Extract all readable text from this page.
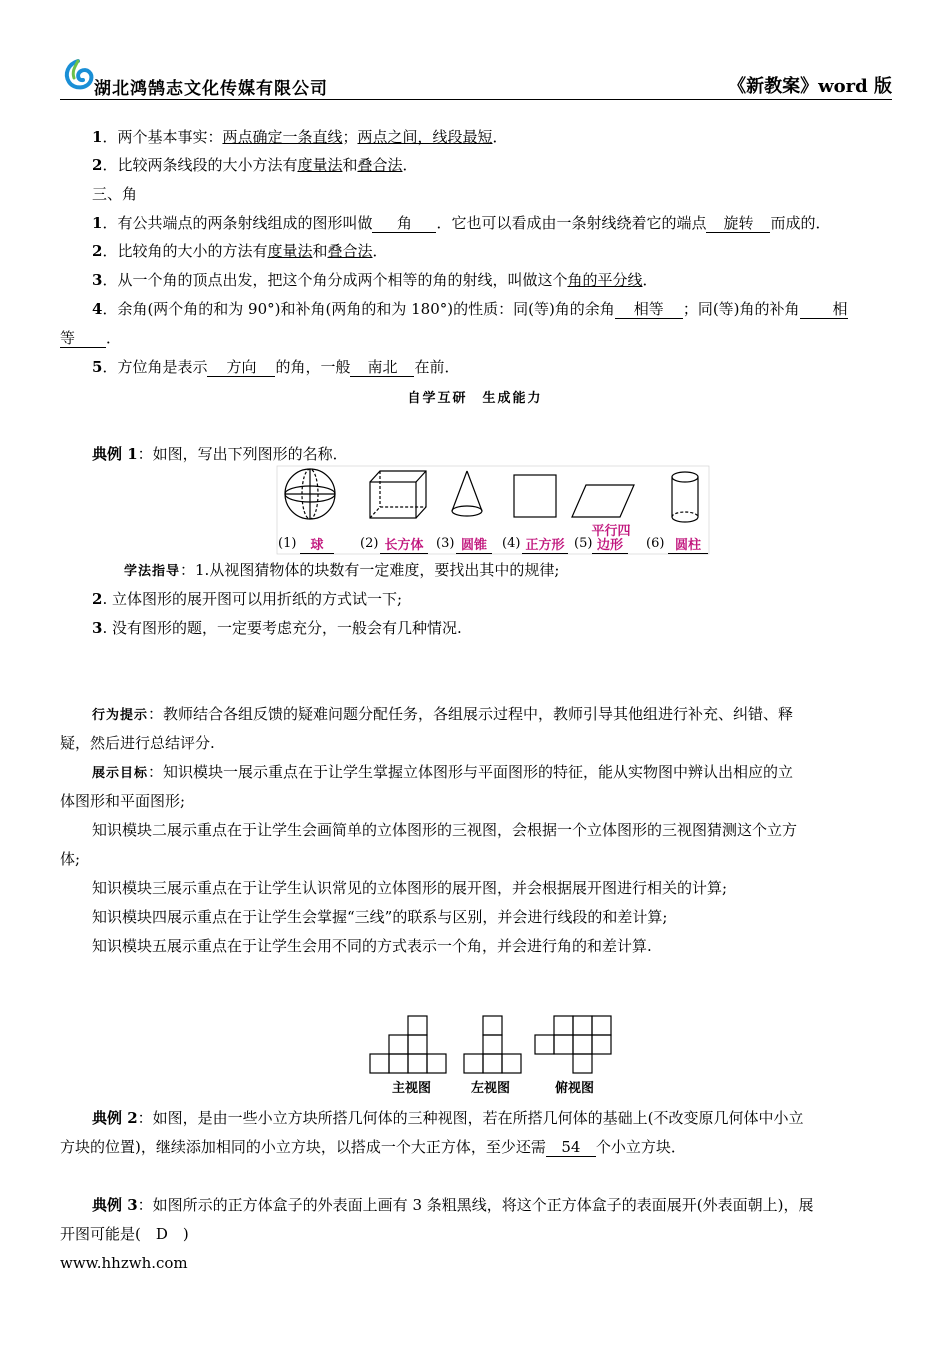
湖北鸿鹄志文化传媒有限公司	《新教案》word 版
1．两个基本事实：两点确定一条直线；两点之间，线段最短．
2．比较两条线段的大小方法有度量法和叠合法．
三、角
1．有公共端点的两条射线组成的图形叫做 角 ．它也可以看成由一条射线绕着它的端点 旋转 而成的．
2．比较角的大小的方法有度量法和叠合法．
3．从一个角的顶点出发，把这个角分成两个相等的角的射线，叫做这个角的平分线．
4．余角(两个角的和为 90°)和补角(两角的和为 180°)的性质：同(等)角的余角 相等 ；同(等)角的补角 相
等 ．
5．方位角是表示 方向 的角，一般 南北 在前．
自学互研　生成能力
典例 1：如图，写出下列图形的名称．
(1)	球	(2) 长方体 (3) 圆锥	(4) 正方形 (5)
平行四
边形	(6) 圆柱
学法指导：1.从视图猜物体的块数有一定难度，要找出其中的规律;
2. 立体图形的展开图可以用折纸的方式试一下;
3. 没有图形的题，一定要考虑充分，一般会有几种情况.
行为提示：教师结合各组反馈的疑难问题分配任务，各组展示过程中，教师引导其他组进行补充、纠错、释
疑，然后进行总结评分.
展示目标：知识模块一展示重点在于让学生掌握立体图形与平面图形的特征，能从实物图中辨认出相应的立
体图形和平面图形;
知识模块二展示重点在于让学生会画简单的立体图形的三视图，会根据一个立体图形的三视图猜测这个立方
体;
知识模块三展示重点在于让学生认识常见的立体图形的展开图，并会根据展开图进行相关的计算;
知识模块四展示重点在于让学生会掌握“三线”的联系与区别，并会进行线段的和差计算;
知识模块五展示重点在于让学生会用不同的方式表示一个角，并会进行角的和差计算.
主视图	左视图	俯视图
典例 2：如图，是由一些小立方块所搭几何体的三种视图，若在所搭几何体的基础上(不改变原几何体中小立
方块的位置)，继续添加相同的小立方块，以搭成一个大正方体，至少还需 54 个小立方块．
典例 3：如图所示的正方体盒子的外表面上画有 3 条粗黑线，将这个正方体盒子的表面展开(外表面朝上)，展
开图可能是(　D　)
www.hhzwh.com
